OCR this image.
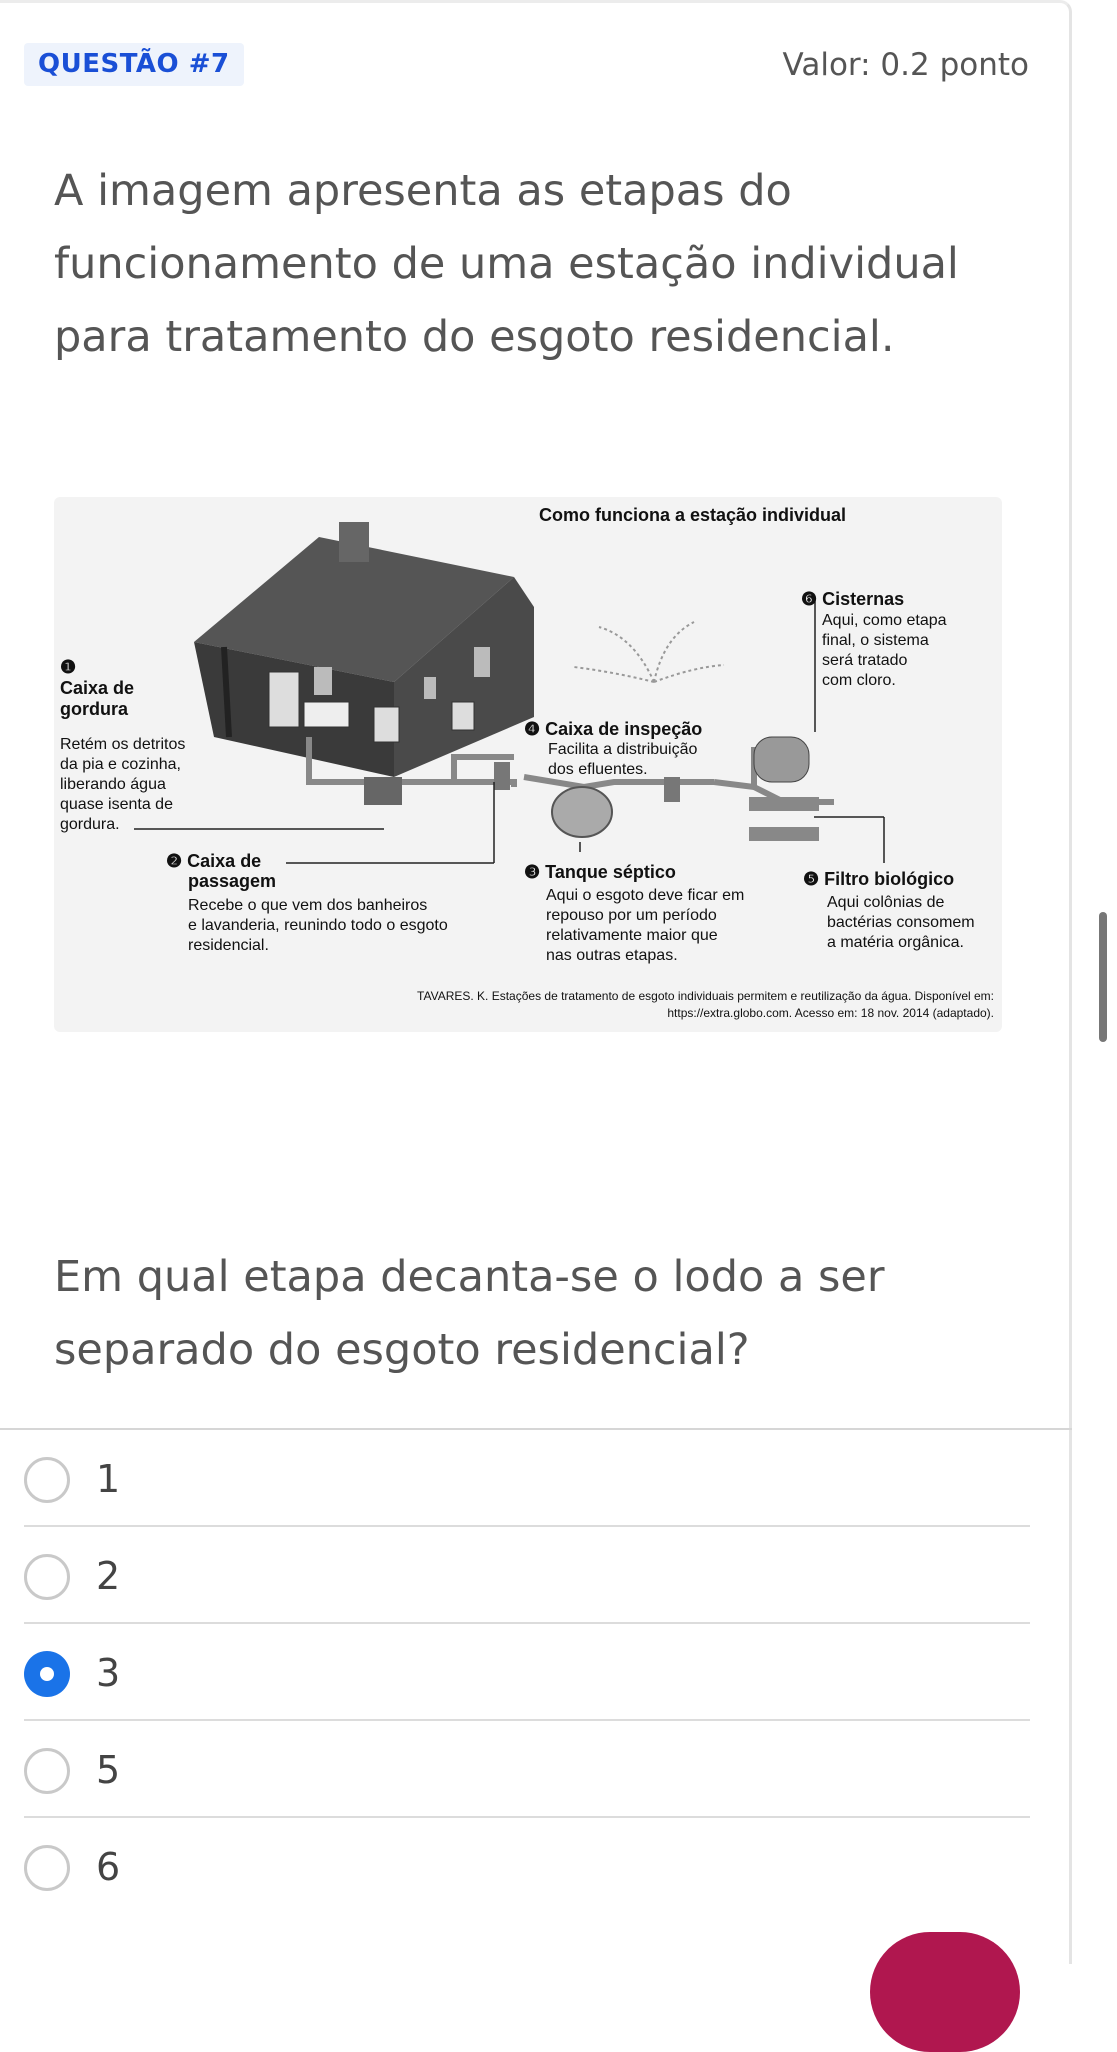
QUESTÃO #7	Valor: 0.2 ponto
A imagem apresenta as etapas do funcionamento de uma estação individual para tratamento do esgoto residencial.
Como funciona a estação individual
❻ Cisternas
Aqui, como etapa final, o sistema será tratado com cloro.
❶
Caixa de gordura
Retém os detritos da pia e cozinha, liberando água quase isenta de gordura.
❹ Caixa de inspeção
Facilita a distribuição dos efluentes.
❷ Caixa de
passagem
Recebe o que vem dos banheiros e lavanderia, reunindo todo o esgoto residencial.
❸ Tanque séptico
Aqui o esgoto deve ficar em repouso por um período relativamente maior que nas outras etapas.
❺ Filtro biológico
Aqui colônias de bactérias consomem a matéria orgânica.
TAVARES. K. Estações de tratamento de esgoto individuais permitem e reutilização da água. Disponível em:
https://extra.globo.com. Acesso em: 18 nov. 2014 (adaptado).
Em qual etapa decanta-se o lodo a ser separado do esgoto residencial?
1
2
3
5
6
